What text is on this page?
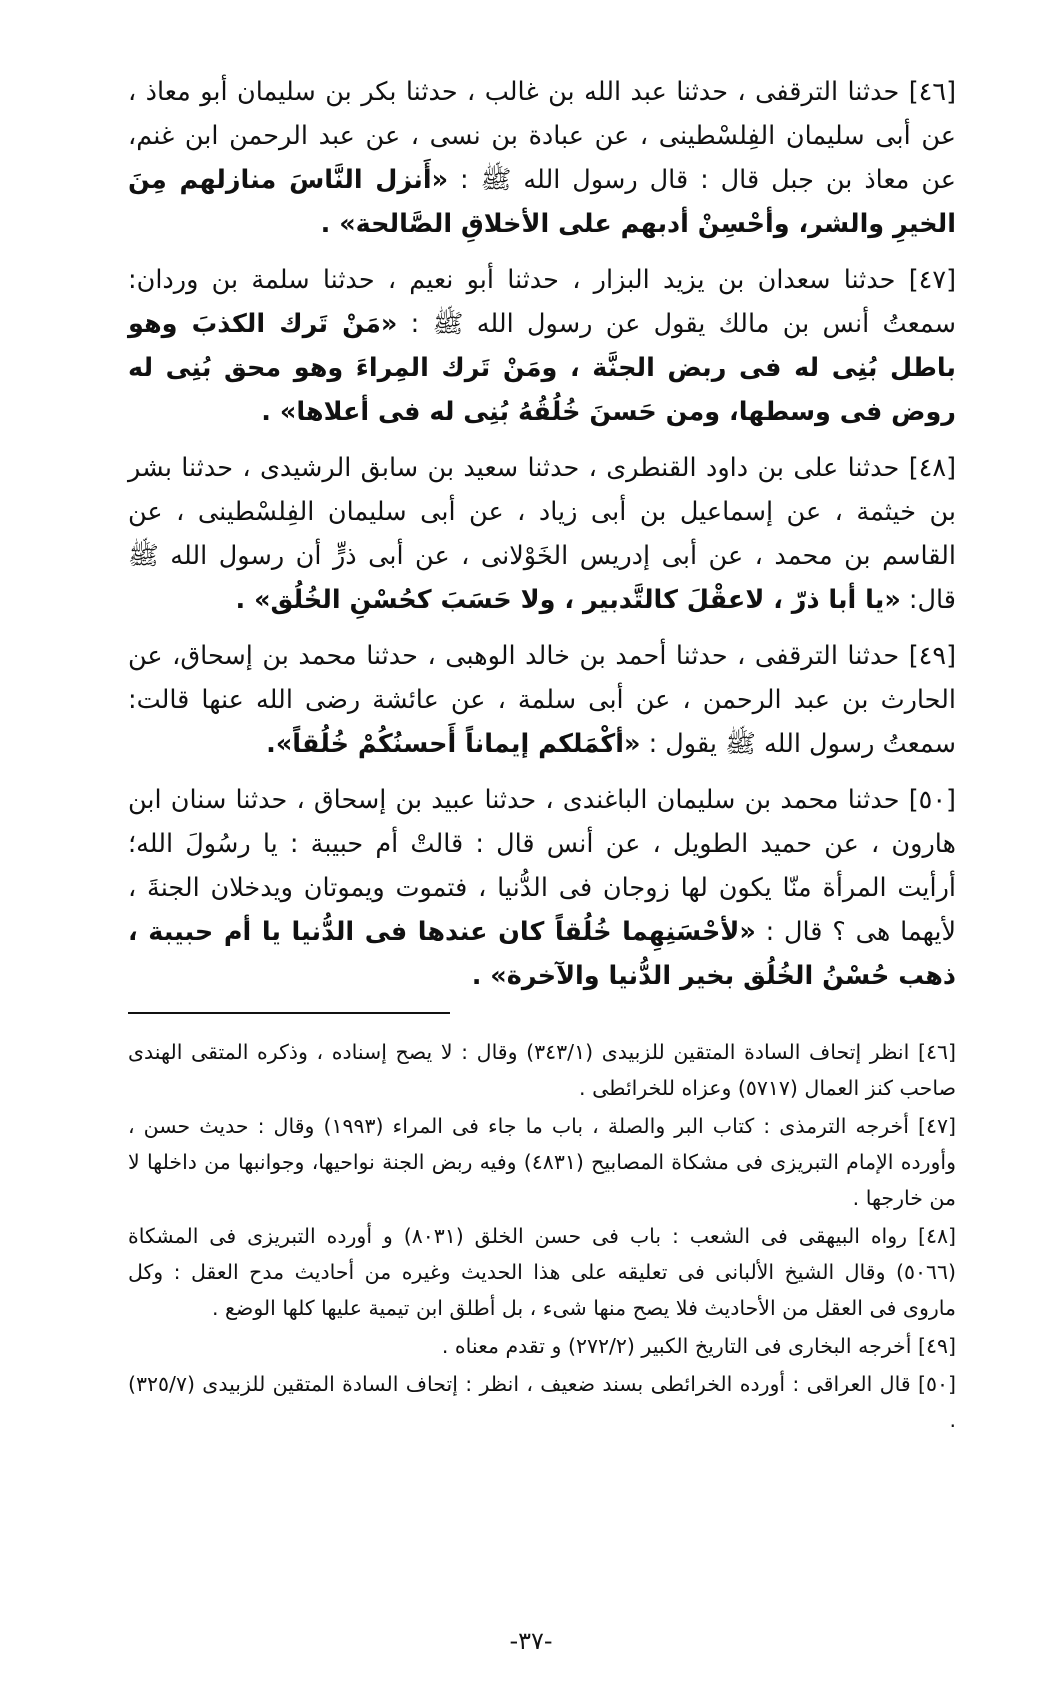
[٤٦] حدثنا الترقفى ، حدثنا عبد الله بن غالب ، حدثنا بكر بن سليمان أبو معاذ ، عن أبى سليمان الفِلسْطينى ، عن عبادة بن نسى ، عن عبد الرحمن ابن غنم، عن معاذ بن جبل قال : قال رسول الله ﷺ : «أَنزل النَّاسَ منازلهم مِنَ الخيرِ والشر، وأحْسِنْ أدبهم على الأخلاقِ الصَّالحة» .

[٤٧] حدثنا سعدان بن يزيد البزار ، حدثنا أبو نعيم ، حدثنا سلمة بن وردان: سمعتُ أنس بن مالك يقول عن رسول الله ﷺ : «مَنْ تَرك الكذبَ وهو باطل بُنِى له فى ربض الجنَّة ، ومَنْ تَرك المِراءَ وهو محق بُنِى له روض فى وسطها، ومن حَسنَ خُلُقُهُ بُنِى له فى أعلاها» .

[٤٨] حدثنا على بن داود القنطرى ، حدثنا سعيد بن سابق الرشيدى ، حدثنا بشر بن خيثمة ، عن إسماعيل بن أبى زياد ، عن أبى سليمان الفِلسْطينى ، عن القاسم بن محمد ، عن أبى إدريس الخَوْلانى ، عن أبى ذرٍّ أن رسول الله ﷺ قال: «يا أبا ذرّ ، لاعقْلَ كالتَّدبير ، ولا حَسَبَ كحُسْنِ الخُلُق» .

[٤٩] حدثنا الترقفى ، حدثنا أحمد بن خالد الوهبى ، حدثنا محمد بن إسحاق، عن الحارث بن عبد الرحمن ، عن أبى سلمة ، عن عائشة رضى الله عنها قالت: سمعتُ رسول الله ﷺ يقول : «أكْمَلكم إيماناً أَحسنُكُمْ خُلُقاً».

[٥٠] حدثنا محمد بن سليمان الباغندى ، حدثنا عبيد بن إسحاق ، حدثنا سنان ابن هارون ، عن حميد الطويل ، عن أنس قال : قالتْ أم حبيبة : يا رسُولَ الله؛ أرأيت المرأة منّا يكون لها زوجان فى الدُّنيا ، فتموت ويموتان ويدخلان الجنةَ ، لأيهما هى ؟ قال : «لأحْسَنِهِما خُلُقاً كان عندها فى الدُّنيا يا أم حبيبة ، ذهب حُسْنُ الخُلُق بخير الدُّنيا والآخرة» .

[٤٦] انظر إتحاف السادة المتقين للزبيدى (٣٤٣/١) وقال : لا يصح إسناده ، وذكره المتقى الهندى صاحب كنز العمال (٥٧١٧) وعزاه للخرائطى .

[٤٧] أخرجه الترمذى : كتاب البر والصلة ، باب ما جاء فى المراء (١٩٩٣) وقال : حديث حسن ، وأورده الإمام التبريزى فى مشكاة المصابيح (٤٨٣١) وفيه ربض الجنة نواحيها، وجوانبها من داخلها لا من خارجها .

[٤٨] رواه البيهقى فى الشعب : باب فى حسن الخلق (٨٠٣١) و أورده التبريزى فى المشكاة (٥٠٦٦) وقال الشيخ الألبانى فى تعليقه على هذا الحديث وغيره من أحاديث مدح العقل : وكل ماروى فى العقل من الأحاديث فلا يصح منها شىء ، بل أطلق ابن تيمية عليها كلها الوضع .

[٤٩] أخرجه البخارى فى التاريخ الكبير (٢٧٢/٢) و تقدم معناه .

[٥٠] قال العراقى : أورده الخرائطى بسند ضعيف ، انظر : إتحاف السادة المتقين للزبيدى (٣٢٥/٧) .

-٣٧-
